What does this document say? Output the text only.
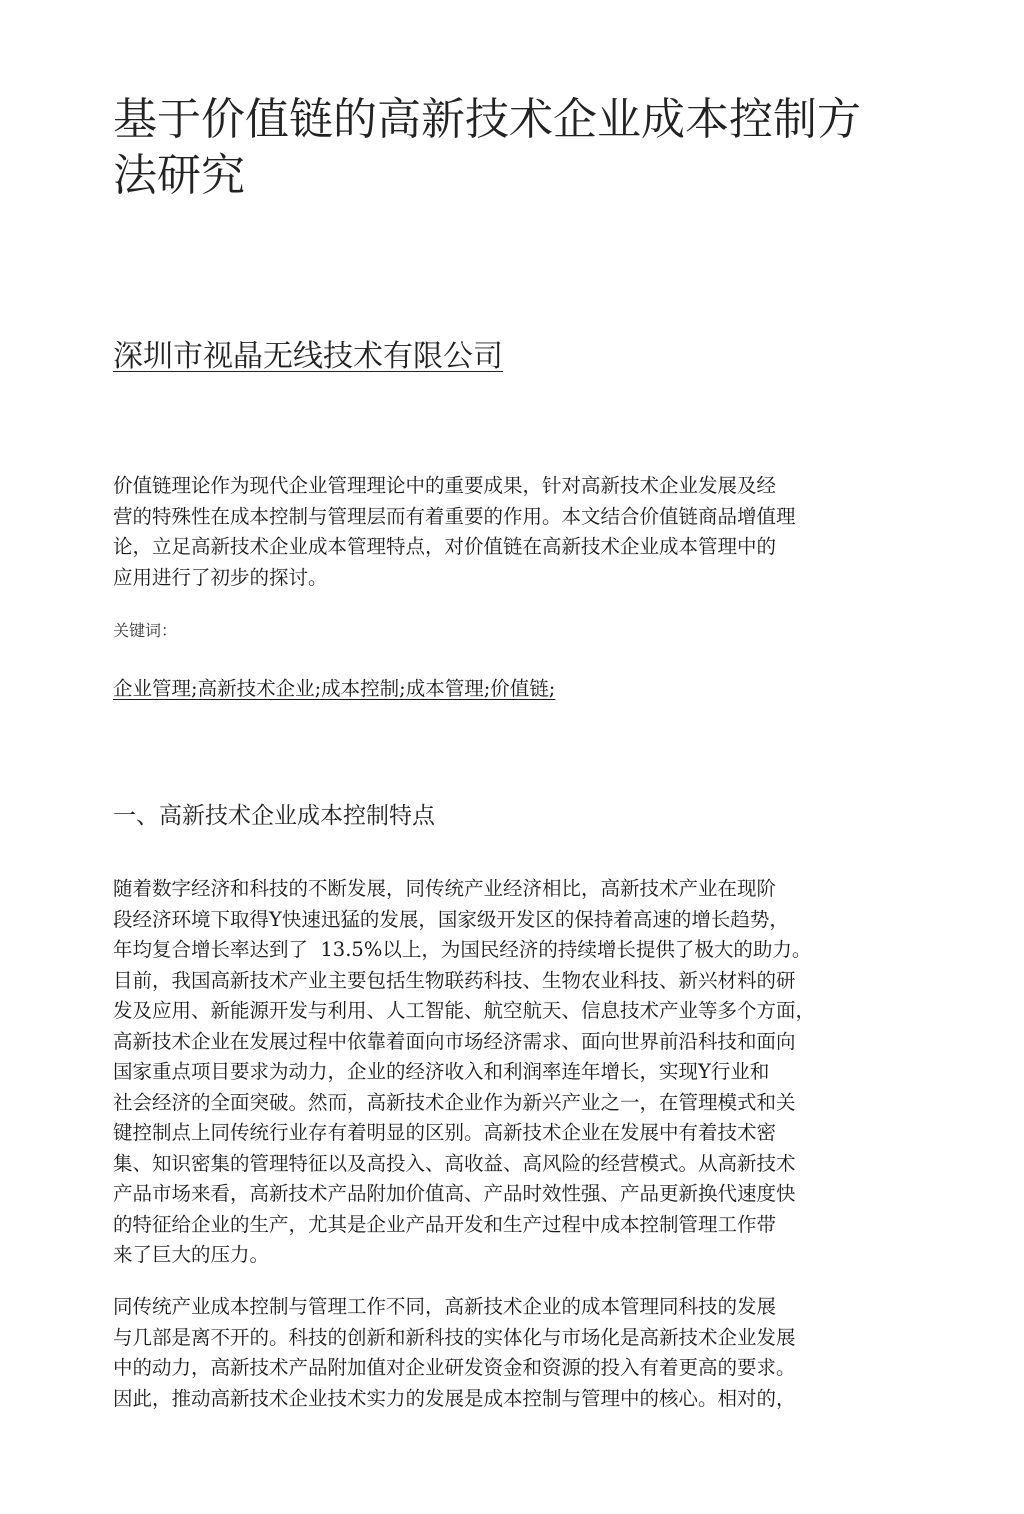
基于价值链的高新技术企业成本控制方
法研究
深圳市视晶无线技术有限公司
价值链理论作为现代企业管理理论中的重要成果，针对高新技术企业发展及经
营的特殊性在成本控制与管理层而有着重要的作用。本文结合价值链商品增值理
论，立足高新技术企业成本管理特点，对价值链在高新技术企业成本管理中的
应用进行了初步的探讨。
关键词：
企业管理;高新技术企业;成本控制;成本管理;价值链;
一、高新技术企业成本控制特点
随着数字经济和科技的不断发展，同传统产业经济相比，高新技术产业在现阶
段经济环境下取得Y快速迅猛的发展，国家级开发区的保持着高速的增长趋势，
年均复合增长率达到了  13.5%以上，为国民经济的持续增长提供了极大的助力。
目前，我国高新技术产业主要包括生物联药科技、生物农业科技、新兴材料的研
发及应用、新能源开发与利用、人工智能、航空航天、信息技术产业等多个方面，
高新技术企业在发展过程中依靠着面向市场经济需求、面向世界前沿科技和面向
国家重点项目要求为动力，企业的经济收入和利润率连年增长，实现Y行业和
社会经济的全面突破。然而，高新技术企业作为新兴产业之一，在管理模式和关
键控制点上同传统行业存有着明显的区别。高新技术企业在发展中有着技术密
集、知识密集的管理特征以及高投入、高收益、高风险的经营模式。从高新技术
产品市场来看，高新技术产品附加价值高、产品时效性强、产品更新换代速度快
的特征给企业的生产，尤其是企业产品开发和生产过程中成本控制管理工作带
来了巨大的压力。
同传统产业成本控制与管理工作不同，高新技术企业的成本管理同科技的发展
与几部是离不开的。科技的创新和新科技的实体化与市场化是高新技术企业发展
中的动力，高新技术产品附加值对企业研发资金和资源的投入有着更高的要求。
因此，推动高新技术企业技术实力的发展是成本控制与管理中的核心。相对的，
